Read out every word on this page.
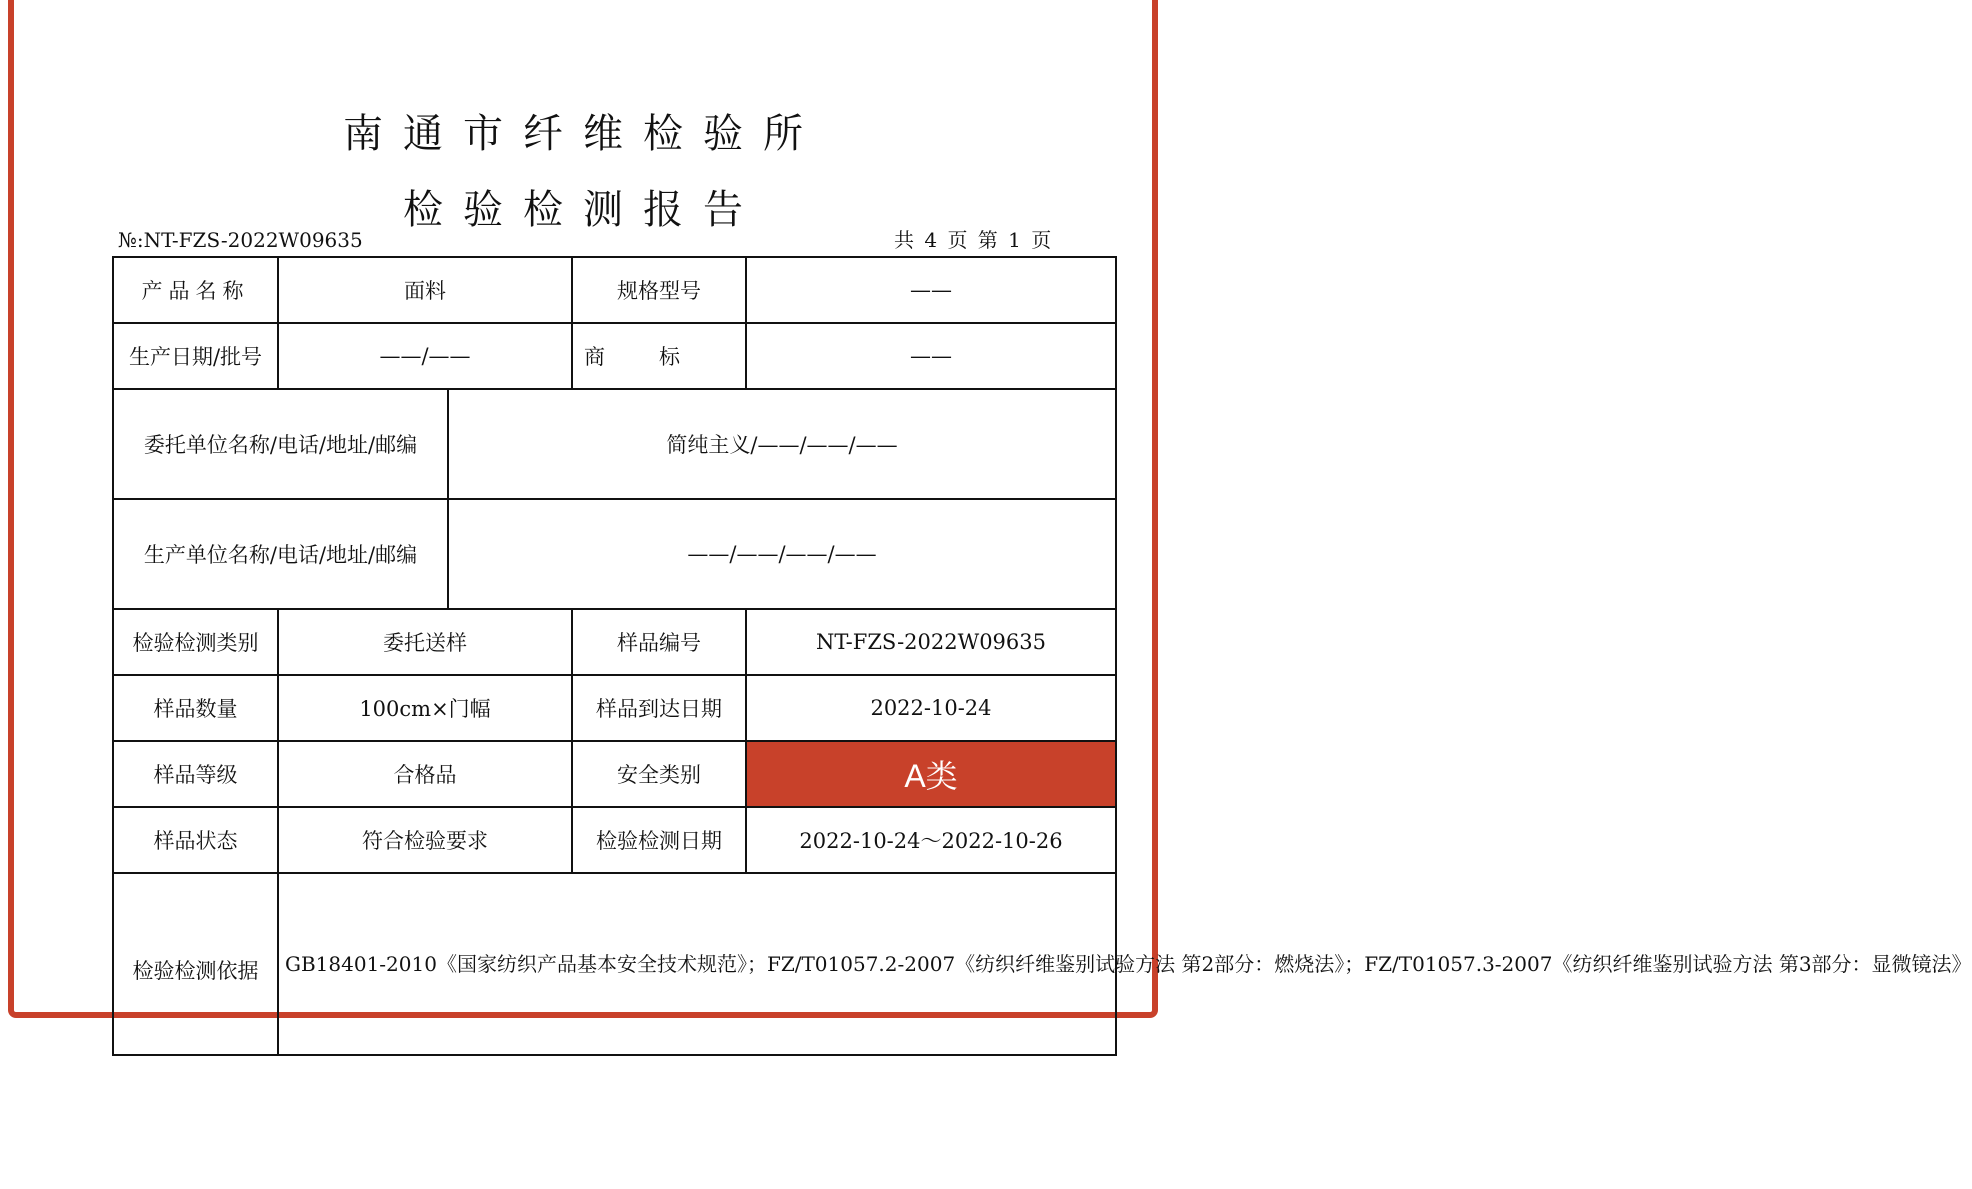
南通市纤维检验所
检验检测报告
№:NT-FZS-2022W09635	共 4 页 第 1 页
产品名称	面料		规格型号	——
生产日期/批号	——/——		商标	——
委托单位名称/电话/地址/邮编		简纯主义/——/——/——		
生产单位名称/电话/地址/邮编		——/——/——/——		
检验检测类别	委托送样		样品编号	NT-FZS-2022W09635
样品数量	100cm×门幅		样品到达日期	2022-10-24
样品等级	合格品		安全类别	A类
样品状态	符合检验要求		检验检测日期	2022-10-24～2022-10-26
检验检测依据	GB18401-2010《国家纺织产品基本安全技术规范》；FZ/T01057.2-2007《纺织纤维鉴别试验方法 第2部分：燃烧法》；FZ/T01057.3-2007《纺织纤维鉴别试验方法 第3部分：显微镜法》			
